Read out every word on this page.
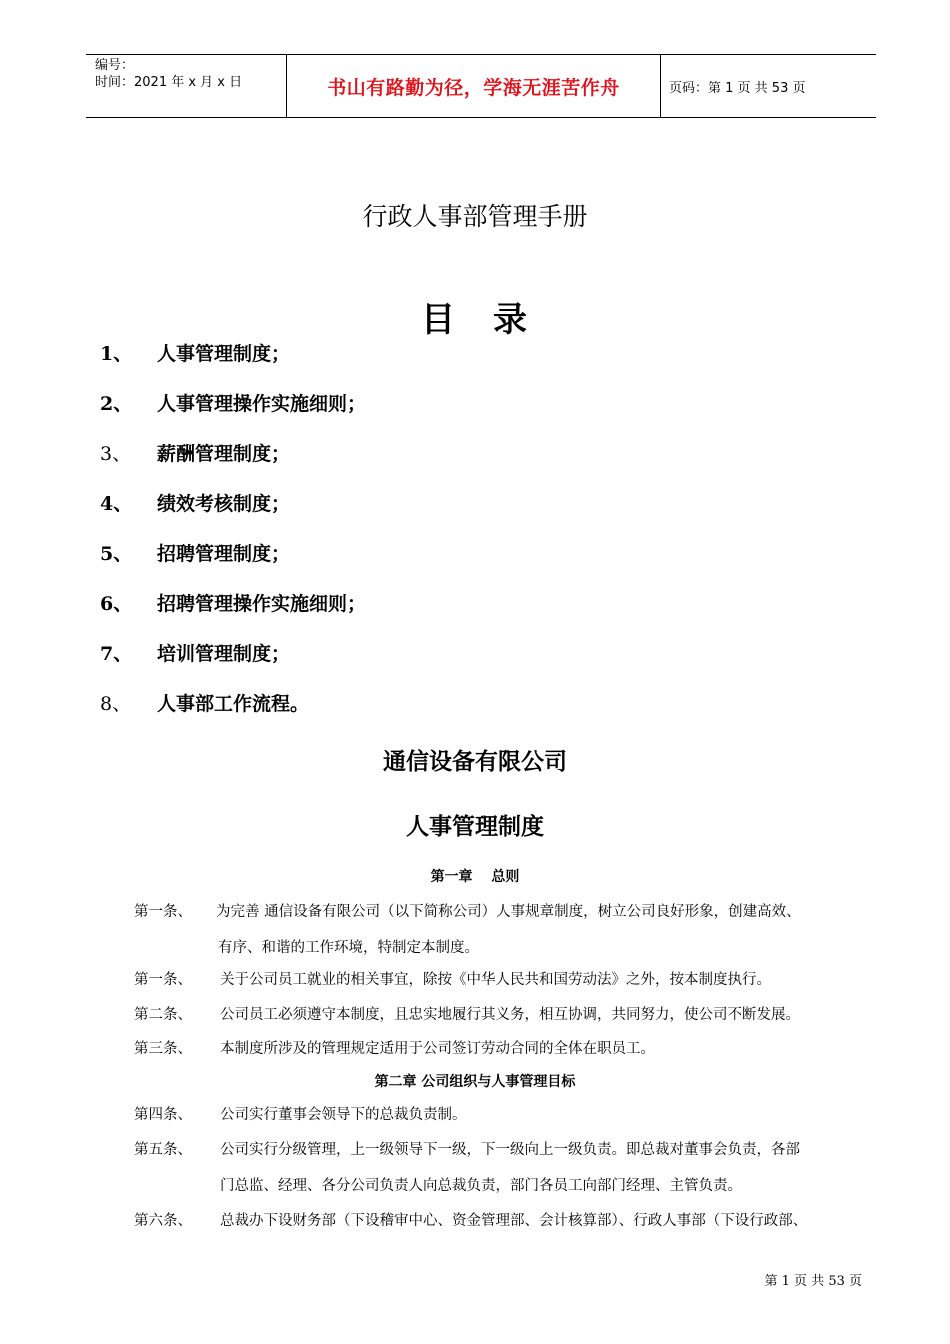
编号：
时间：2021 年 x 月 x 日	书山有路勤为径，学海无涯苦作舟	页码：第 1 页 共 53 页
行政人事部管理手册
目　录
1、 人事管理制度；
2、 人事管理操作实施细则；
3、 薪酬管理制度；
4、 绩效考核制度；
5、 招聘管理制度；
6、 招聘管理操作实施细则；
7、 培训管理制度；
8、 人事部工作流程。
通信设备有限公司
人事管理制度
第一章　 总则
第一条、 为完善 通信设备有限公司（以下简称公司）人事规章制度，树立公司良好形象，创建高效、
有序、和谐的工作环境，特制定本制度。
第一条、 关于公司员工就业的相关事宜，除按《中华人民共和国劳动法》之外，按本制度执行。
第二条、 公司员工必须遵守本制度，且忠实地履行其义务，相互协调，共同努力，使公司不断发展。
第三条、 本制度所涉及的管理规定适用于公司签订劳动合同的全体在职员工。
第二章 公司组织与人事管理目标
第四条、 公司实行董事会领导下的总裁负责制。
第五条、 公司实行分级管理，上一级领导下一级，下一级向上一级负责。即总裁对董事会负责，各部
门总监、经理、各分公司负责人向总裁负责，部门各员工向部门经理、主管负责。
第六条、 总裁办下设财务部（下设稽审中心、资金管理部、会计核算部）、行政人事部（下设行政部、
第 1 页 共 53 页
